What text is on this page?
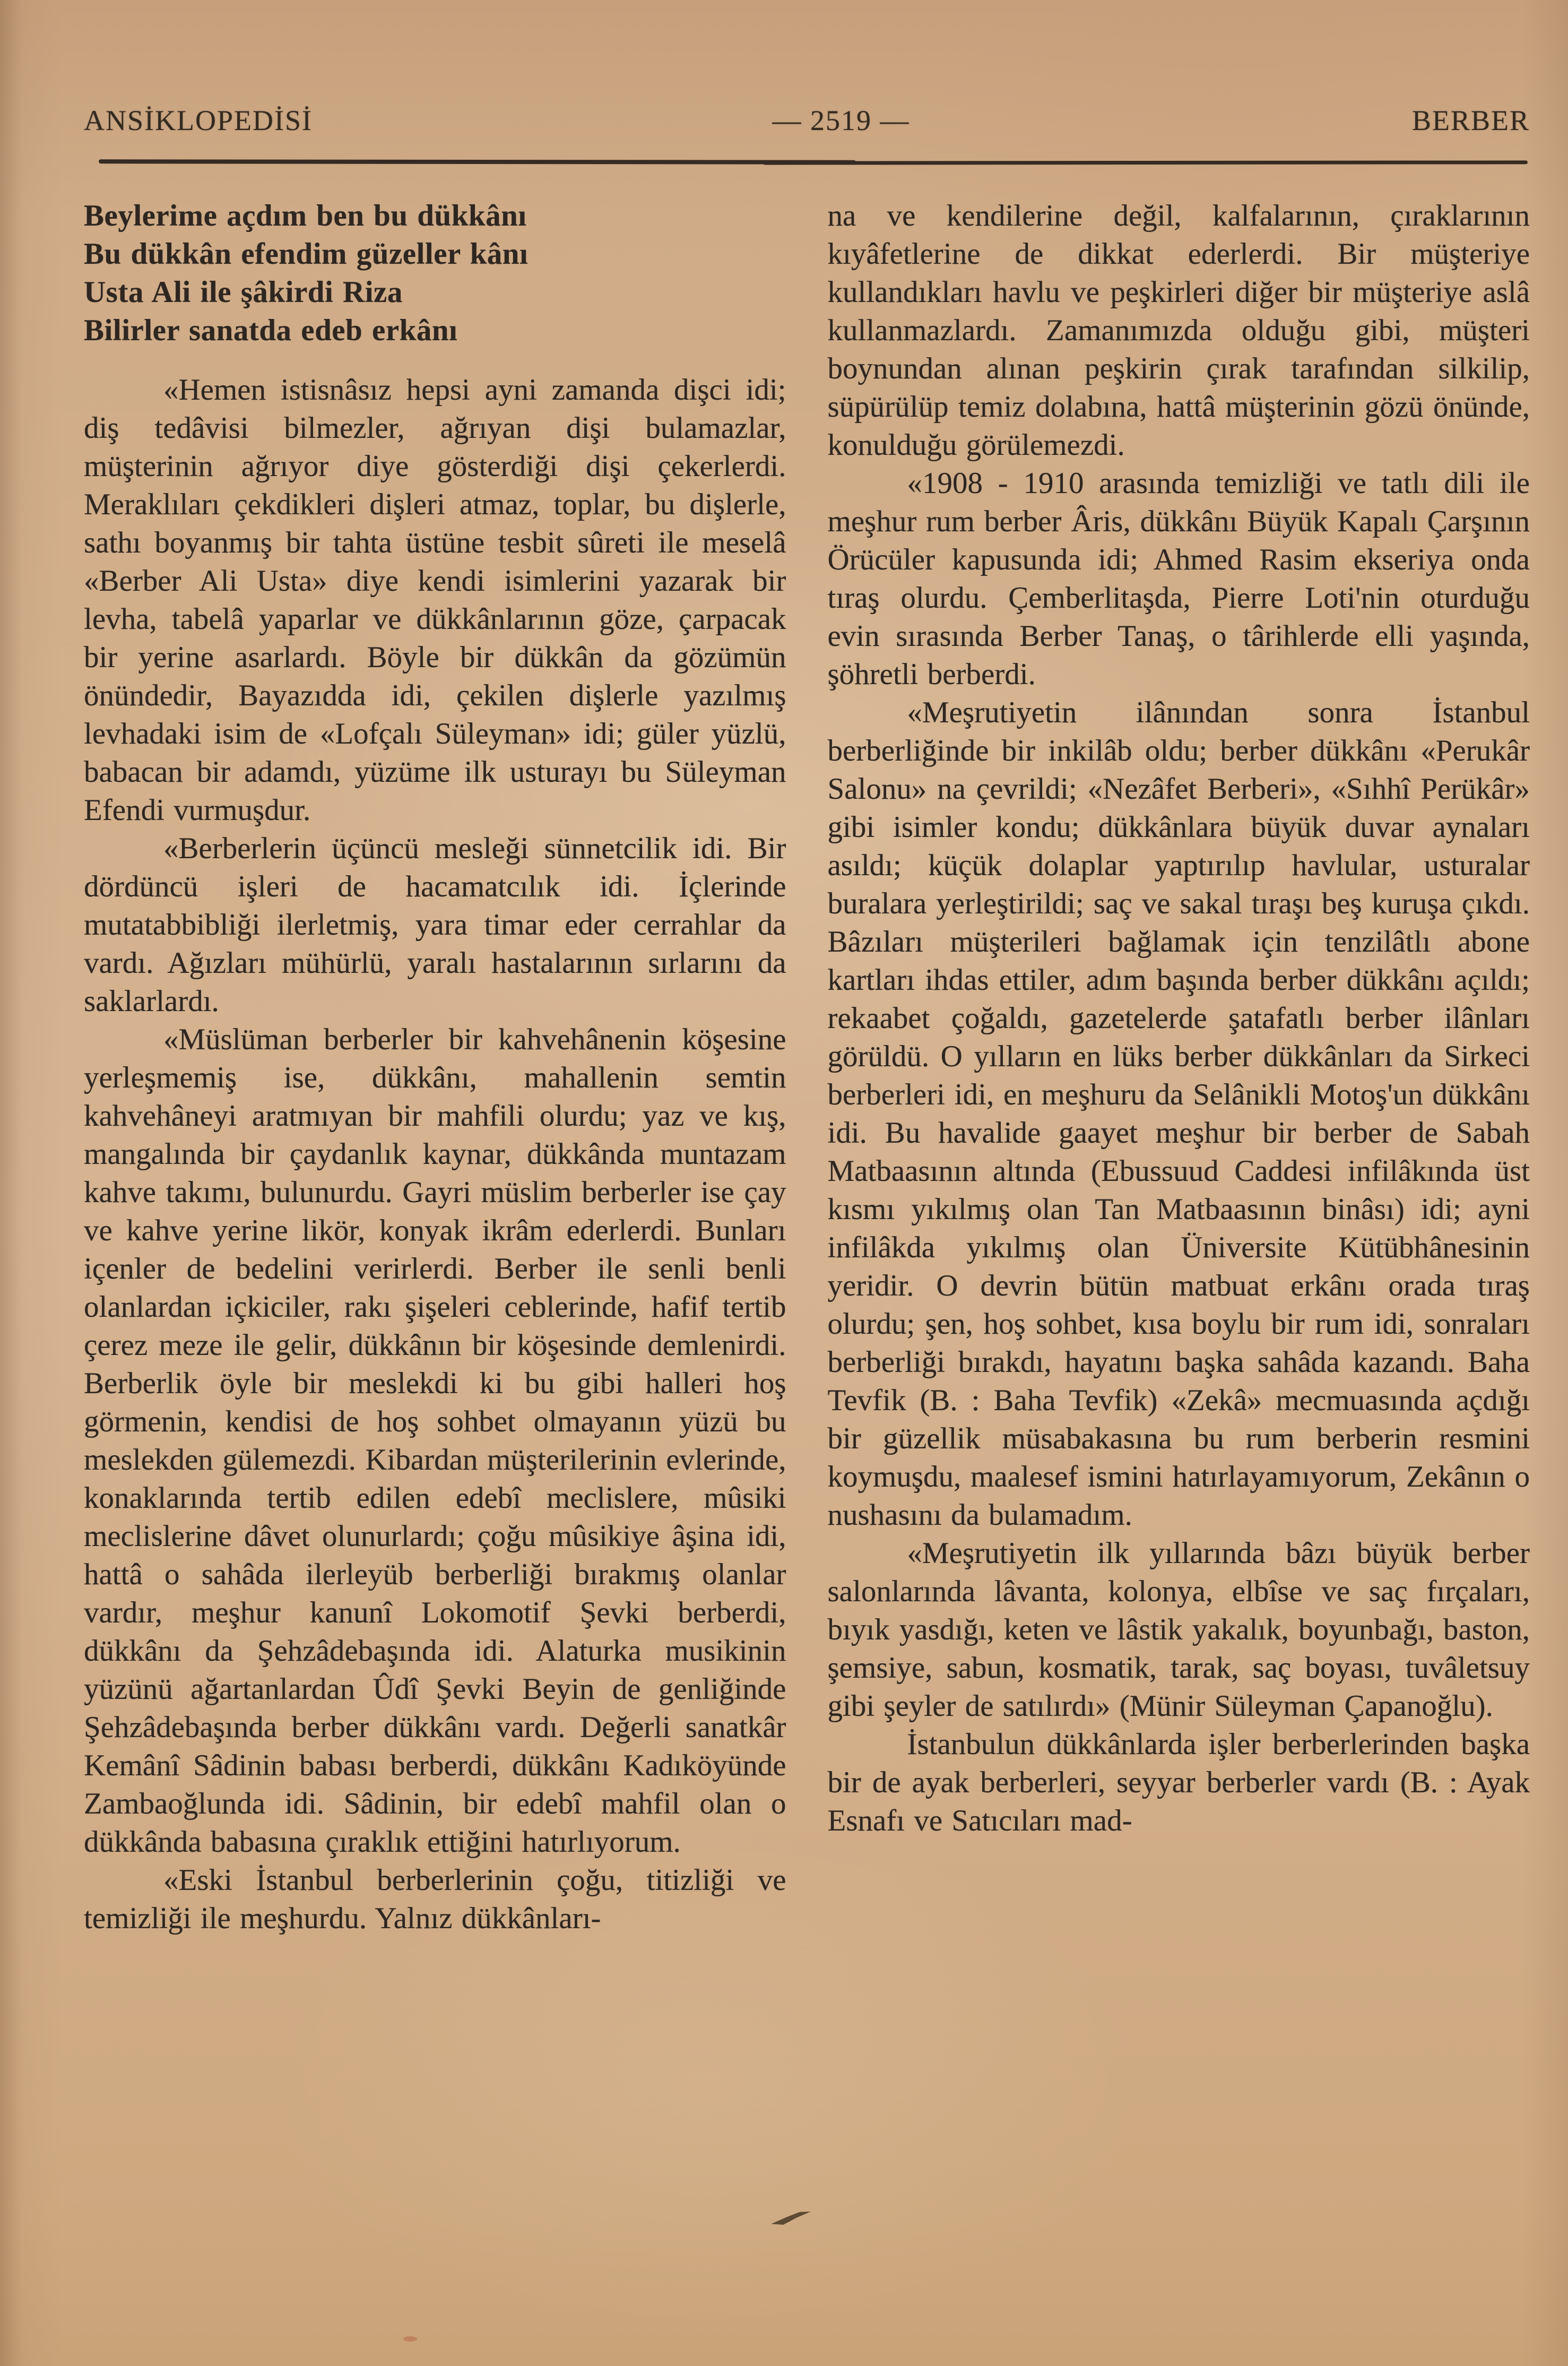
ANSİKLOPEDİSİ	— 2519 —	BERBER
Beylerime açdım ben bu dükkânı
Bu dükkân efendim güzeller kânı
Usta Ali ile şâkirdi Riza
Bilirler sanatda edeb erkânı

«Hemen istisnâsız hepsi ayni zamanda dişci idi; diş tedâvisi bilmezler, ağrıyan dişi bulamazlar, müşterinin ağrıyor diye gösterdiği dişi çekerlerdi. Meraklıları çekdikleri dişleri atmaz, toplar, bu dişlerle, sathı boyanmış bir tahta üstüne tesbit sûreti ile meselâ «Berber Ali Usta» diye kendi isimlerini yazarak bir levha, tabelâ yaparlar ve dükkânlarının göze, çarpacak bir yerine asarlardı. Böyle bir dükkân da gözümün önündedir, Bayazıdda idi, çekilen dişlerle yazılmış levhadaki isim de «Lofçalı Süleyman» idi; güler yüzlü, babacan bir adamdı, yüzüme ilk usturayı bu Süleyman Efendi vurmuşdur.

«Berberlerin üçüncü mesleği sünnetcilik idi. Bir dördüncü işleri de hacamatcılık idi. İçlerinde mutatabbibliği ilerletmiş, yara timar eder cerrahlar da vardı. Ağızları mühürlü, yaralı hastalarının sırlarını da saklarlardı.

«Müslüman berberler bir kahvehânenin köşesine yerleşmemiş ise, dükkânı, mahallenin semtin kahvehâneyi aratmıyan bir mahfili olurdu; yaz ve kış, mangalında bir çaydanlık kaynar, dükkânda muntazam kahve takımı, bulunurdu. Gayri müslim berberler ise çay ve kahve yerine likör, konyak ikrâm ederlerdi. Bunları içenler de bedelini verirlerdi. Berber ile senli benli olanlardan içkiciler, rakı şişeleri ceblerinde, hafif tertib çerez meze ile gelir, dükkânın bir köşesinde demlenirdi. Berberlik öyle bir meslekdi ki bu gibi halleri hoş görmenin, kendisi de hoş sohbet olmayanın yüzü bu meslekden gülemezdi. Kibardan müşterilerinin evlerinde, konaklarında tertib edilen edebî meclislere, mûsiki meclislerine dâvet olunurlardı; çoğu mûsikiye âşina idi, hattâ o sahâda ilerleyüb berberliği bırakmış olanlar vardır, meşhur kanunî Lokomotif Şevki berberdi, dükkânı da Şehzâdebaşında idi. Alaturka musikinin yüzünü ağartanlardan Ûdî Şevki Beyin de genliğinde Şehzâdebaşında berber dükkânı vardı. Değerli sanatkâr Kemânî Sâdinin babası berberdi, dükkânı Kadıköyünde Zambaoğlunda idi. Sâdinin, bir edebî mahfil olan o dükkânda babasına çıraklık ettiğini hatırlıyorum.

«Eski İstanbul berberlerinin çoğu, titizliği ve temizliği ile meşhurdu. Yalnız dükkânları-

na ve kendilerine değil, kalfalarının, çıraklarının kıyâfetlerine de dikkat ederlerdi. Bir müşteriye kullandıkları havlu ve peşkirleri diğer bir müşteriye aslâ kullanmazlardı. Zamanımızda olduğu gibi, müşteri boynundan alınan peşkirin çırak tarafından silkilip, süpürülüp temiz dolabına, hattâ müşterinin gözü önünde, konulduğu görülemezdi.

«1908 - 1910 arasında temizliği ve tatlı dili ile meşhur rum berber Âris, dükkânı Büyük Kapalı Çarşının Örücüler kapusunda idi; Ahmed Rasim ekseriya onda tıraş olurdu. Çemberlitaşda, Pierre Loti'nin oturduğu evin sırasında Berber Tanaş, o târihlerde elli yaşında, şöhretli berberdi.

«Meşrutiyetin ilânından sonra İstanbul berberliğinde bir inkilâb oldu; berber dükkânı «Perukâr Salonu» na çevrildi; «Nezâfet Berberi», «Sıhhî Perükâr» gibi isimler kondu; dükkânlara büyük duvar aynaları asıldı; küçük dolaplar yaptırılıp havlular, usturalar buralara yerleştirildi; saç ve sakal tıraşı beş kuruşa çıkdı. Bâzıları müşterileri bağlamak için tenzilâtlı abone kartları ihdas ettiler, adım başında berber dükkânı açıldı; rekaabet çoğaldı, gazetelerde şatafatlı berber ilânları görüldü. O yılların en lüks berber dükkânları da Sirkeci berberleri idi, en meşhuru da Selânikli Motoş'un dükkânı idi. Bu havalide gaayet meşhur bir berber de Sabah Matbaasının altında (Ebussuud Caddesi infilâkında üst kısmı yıkılmış olan Tan Matbaasının binâsı) idi; ayni infilâkda yıkılmış olan Üniversite Kütübhânesinin yeridir. O devrin bütün matbuat erkânı orada tıraş olurdu; şen, hoş sohbet, kısa boylu bir rum idi, sonraları berberliği bırakdı, hayatını başka sahâda kazandı. Baha Tevfik (B. : Baha Tevfik) «Zekâ» mecmuasında açdığı bir güzellik müsabakasına bu rum berberin resmini koymuşdu, maalesef ismini hatırlayamıyorum, Zekânın o nushasını da bulamadım.

«Meşrutiyetin ilk yıllarında bâzı büyük berber salonlarında lâvanta, kolonya, elbîse ve saç fırçaları, bıyık yasdığı, keten ve lâstik yakalık, boyunbağı, baston, şemsiye, sabun, kosmatik, tarak, saç boyası, tuvâletsuy gibi şeyler de satılırdı» (Münir Süleyman Çapanoğlu).

İstanbulun dükkânlarda işler berberlerinden başka bir de ayak berberleri, seyyar berberler vardı (B. : Ayak Esnafı ve Satıcıları mad-
